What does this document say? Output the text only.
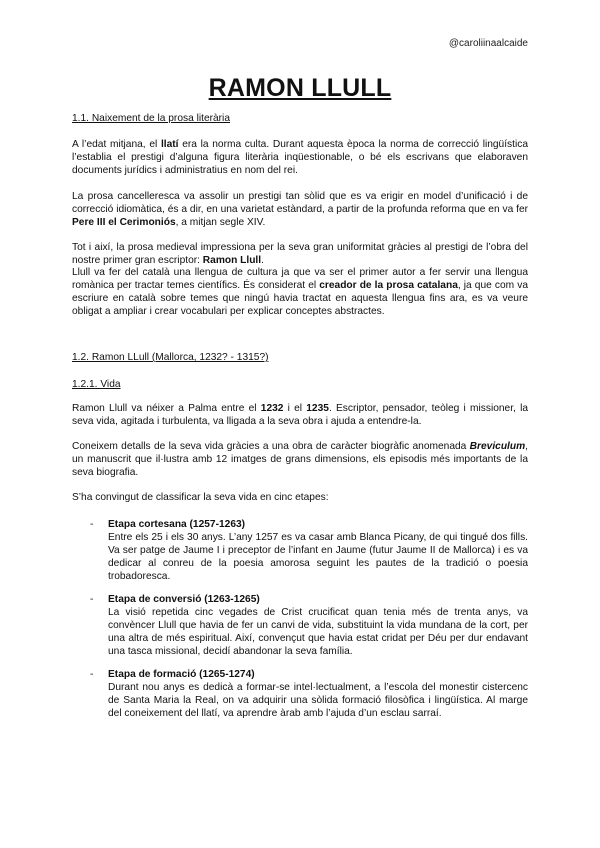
@caroliinaalcaide
RAMON LLULL
1.1. Naixement de la prosa literària
A l’edat mitjana, el llatí era la norma culta. Durant aquesta època la norma de correcció lingüística l’establia el prestigi d’alguna figura literària inqüestionable, o bé els escrivans que elaboraven documents jurídics i administratius en nom del rei.
La prosa cancelleresca va assolir un prestigi tan sòlid que es va erigir en model d’unificació i de correcció idiomàtica, és a dir, en una varietat estàndard, a partir de la profunda reforma que en va fer Pere III el Cerimoniós, a mitjan segle XIV.
Tot i així, la prosa medieval impressiona per la seva gran uniformitat gràcies al prestigi de l’obra del nostre primer gran escriptor: Ramon Llull.
Llull va fer del català una llengua de cultura ja que va ser el primer autor a fer servir una llengua romànica per tractar temes científics. És considerat el creador de la prosa catalana, ja que com va escriure en català sobre temes que ningú havia tractat en aquesta llengua fins ara, es va veure obligat a ampliar i crear vocabulari per explicar conceptes abstractes.
1.2. Ramon LLull (Mallorca, 1232? - 1315?)
1.2.1. Vida
Ramon Llull va néixer a Palma entre el 1232 i el 1235. Escriptor, pensador, teòleg i missioner, la seva vida, agitada i turbulenta, va lligada a la seva obra i ajuda a entendre-la.
Coneixem detalls de la seva vida gràcies a una obra de caràcter biogràfic anomenada Breviculum, un manuscrit que il·lustra amb 12 imatges de grans dimensions, els episodis més importants de la seva biografia.
S’ha convingut de classificar la seva vida en cinc etapes:
- Etapa cortesana (1257-1263)
Entre els 25 i els 30 anys. L’any 1257 es va casar amb Blanca Picany, de qui tingué dos fills. Va ser patge de Jaume I i preceptor de l’infant en Jaume (futur Jaume II de Mallorca) i es va dedicar al conreu de la poesia amorosa seguint les pautes de la tradició o poesia trobadoresca.
- Etapa de conversió (1263-1265)
La visió repetida cinc vegades de Crist crucificat quan tenia més de trenta anys, va convèncer Llull que havia de fer un canvi de vida, substituint la vida mundana de la cort, per una altra de més espiritual. Així, convençut que havia estat cridat per Déu per dur endavant una tasca missional, decidí abandonar la seva família.
- Etapa de formació (1265-1274)
Durant nou anys es dedicà a formar-se intel·lectualment, a l’escola del monestir cistercenc de Santa Maria la Real, on va adquirir una sòlida formació filosòfica i lingüística. Al marge del coneixement del llatí, va aprendre àrab amb l’ajuda d’un esclau sarraí.
